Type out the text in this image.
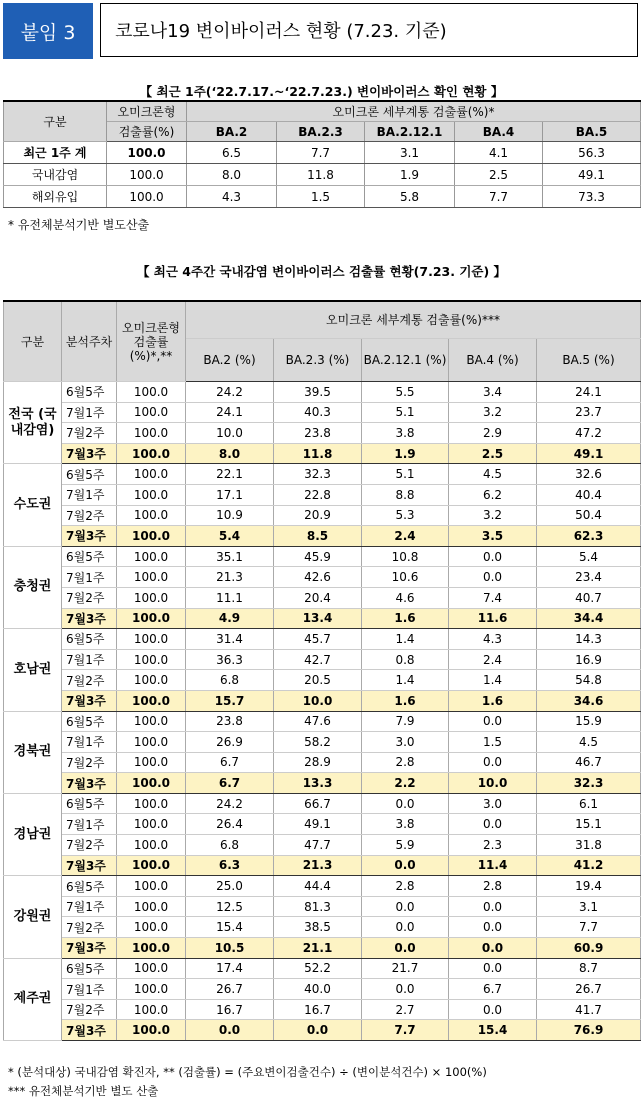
붙임 3	코로나19 변이바이러스 현황 (7.23. 기준)
【 최근 1주(‘22.7.17.~‘22.7.23.) 변이바이러스 확인 현황 】
구분	오미크론형	오미크론 세부계통 검출률(%)*				
	검출률(%)	BA.2	BA.2.3	BA.2.12.1	BA.4	BA.5
최근 1주 계	100.0	6.5	7.7	3.1	4.1	56.3
국내감염	100.0	8.0	11.8	1.9	2.5	49.1
해외유입	100.0	4.3	1.5	5.8	7.7	73.3
* 유전체분석기반 별도산출
【 최근 4주간 국내감염 변이바이러스 검출률 현황(7.23. 기준) 】
구분	분석주차	오미크론형 검출률 (%)*,**	오미크론 세부계통 검출률(%)***				
			BA.2 (%)	BA.2.3 (%)	BA.2.12.1 (%)	BA.4 (%)	BA.5 (%)
전국 (국내감염)	6월5주	100.0	24.2	39.5	5.5	3.4	24.1
	7월1주	100.0	24.1	40.3	5.1	3.2	23.7
	7월2주	100.0	10.0	23.8	3.8	2.9	47.2
	7월3주	100.0	8.0	11.8	1.9	2.5	49.1
수도권	6월5주	100.0	22.1	32.3	5.1	4.5	32.6
	7월1주	100.0	17.1	22.8	8.8	6.2	40.4
	7월2주	100.0	10.9	20.9	5.3	3.2	50.4
	7월3주	100.0	5.4	8.5	2.4	3.5	62.3
충청권	6월5주	100.0	35.1	45.9	10.8	0.0	5.4
	7월1주	100.0	21.3	42.6	10.6	0.0	23.4
	7월2주	100.0	11.1	20.4	4.6	7.4	40.7
	7월3주	100.0	4.9	13.4	1.6	11.6	34.4
호남권	6월5주	100.0	31.4	45.7	1.4	4.3	14.3
	7월1주	100.0	36.3	42.7	0.8	2.4	16.9
	7월2주	100.0	6.8	20.5	1.4	1.4	54.8
	7월3주	100.0	15.7	10.0	1.6	1.6	34.6
경북권	6월5주	100.0	23.8	47.6	7.9	0.0	15.9
	7월1주	100.0	26.9	58.2	3.0	1.5	4.5
	7월2주	100.0	6.7	28.9	2.8	0.0	46.7
	7월3주	100.0	6.7	13.3	2.2	10.0	32.3
경남권	6월5주	100.0	24.2	66.7	0.0	3.0	6.1
	7월1주	100.0	26.4	49.1	3.8	0.0	15.1
	7월2주	100.0	6.8	47.7	5.9	2.3	31.8
	7월3주	100.0	6.3	21.3	0.0	11.4	41.2
강원권	6월5주	100.0	25.0	44.4	2.8	2.8	19.4
	7월1주	100.0	12.5	81.3	0.0	0.0	3.1
	7월2주	100.0	15.4	38.5	0.0	0.0	7.7
	7월3주	100.0	10.5	21.1	0.0	0.0	60.9
제주권	6월5주	100.0	17.4	52.2	21.7	0.0	8.7
	7월1주	100.0	26.7	40.0	0.0	6.7	26.7
	7월2주	100.0	16.7	16.7	2.7	0.0	41.7
	7월3주	100.0	0.0	0.0	7.7	15.4	76.9
* (분석대상) 국내감염 확진자, ** (검출률) = (주요변이검출건수) ÷ (변이분석건수) × 100(%)
*** 유전체분석기반 별도 산출
